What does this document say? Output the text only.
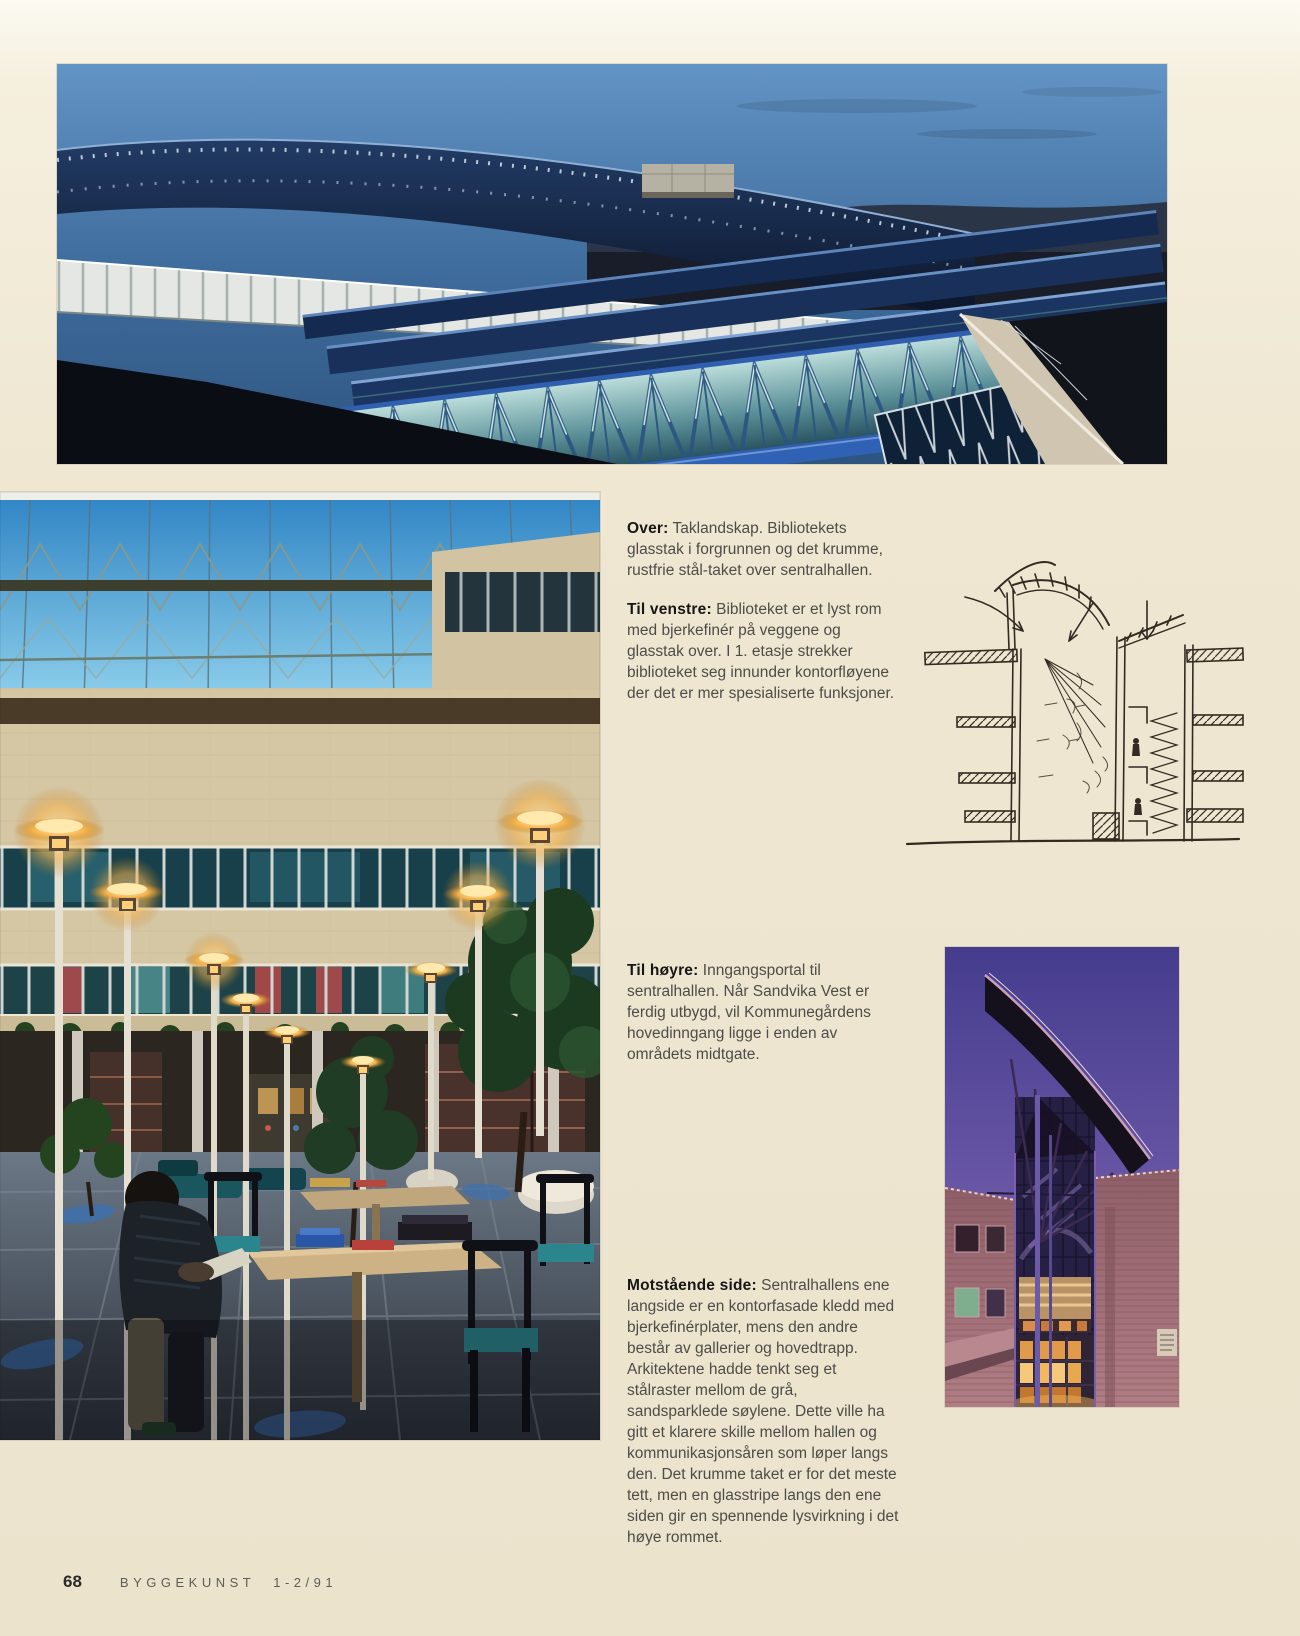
Over: Taklandskap. Bibliotekets glasstak i forgrunnen og det krumme, rustfrie stål-taket over sentralhallen.

Til venstre: Biblioteket er et lyst rom med bjerkefinér på veggene og glasstak over. I 1. etasje strekker biblioteket seg innunder kontorfløyene der det er mer spesialiserte funksjoner.

Til høyre: Inngangsportal til sentralhallen. Når Sandvika Vest er ferdig utbygd, vil Kommunegårdens hovedinngang ligge i enden av områdets midtgate.

Motstående side: Sentralhallens ene langside er en kontorfasade kledd med bjerkefinérplater, mens den andre består av gallerier og hovedtrapp. Arkitektene hadde tenkt seg et stålraster mellom de grå, sandsparklede søylene. Dette ville ha gitt et klarere skille mellom hallen og kommunikasjonsåren som løper langs den. Det krumme taket er for det meste tett, men en glasstripe langs den ene siden gir en spennende lysvirkning i det høye rommet.

68	BYGGEKUNST 1-2/91
